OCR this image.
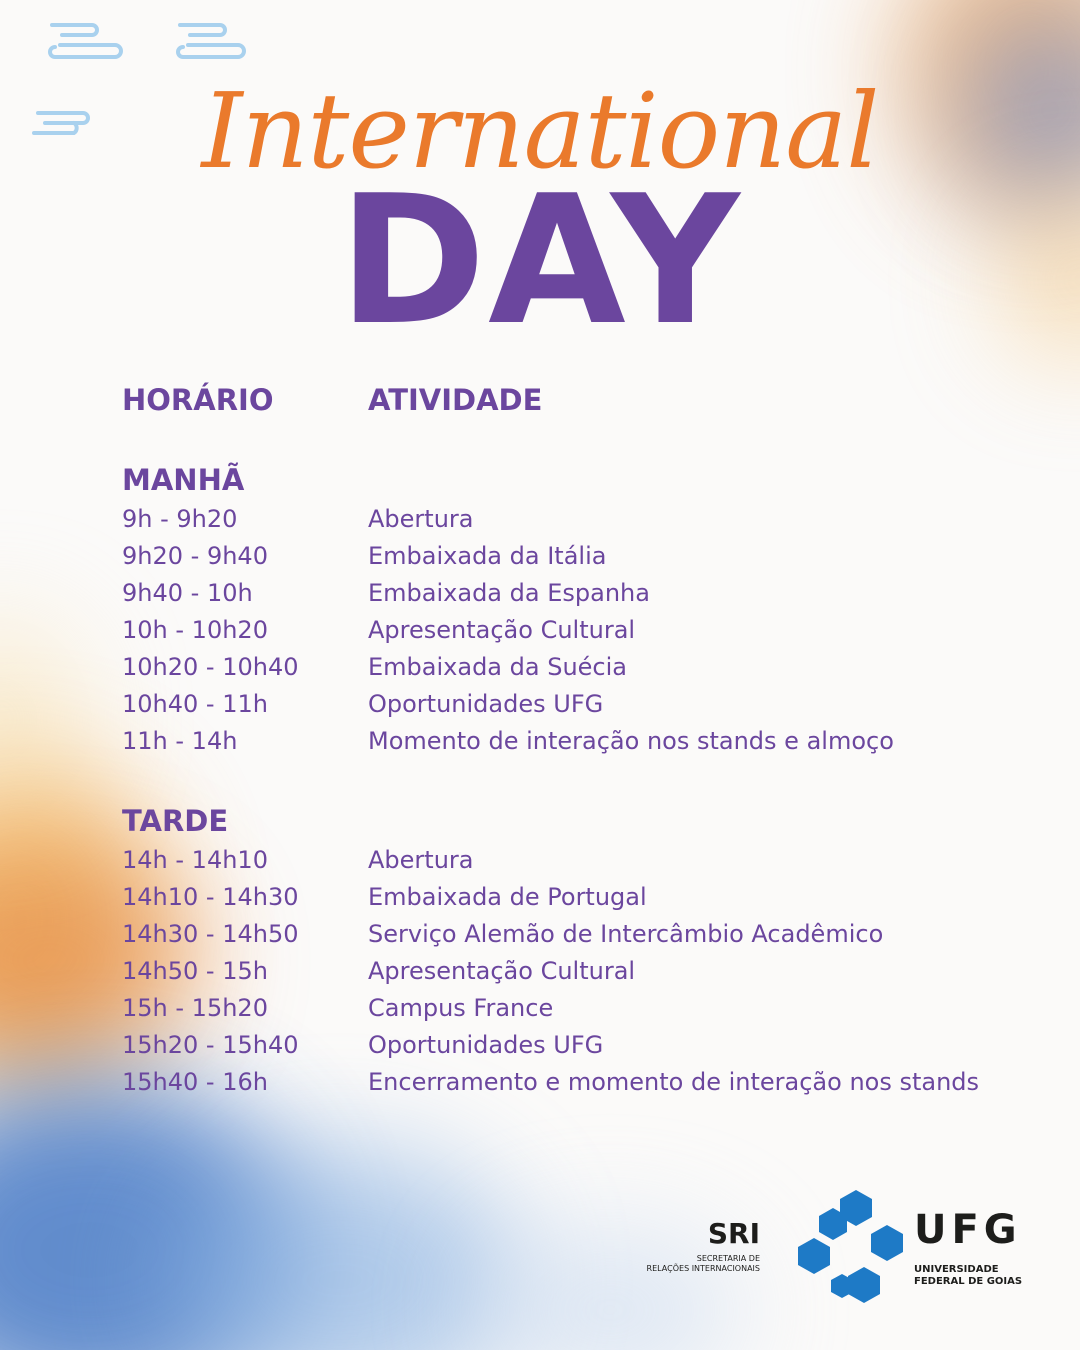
International
DAY
HORÁRIO	ATIVIDADE
MANHÃ
9h - 9h20	Abertura
9h20 - 9h40	Embaixada da Itália
9h40 - 10h	Embaixada da Espanha
10h - 10h20	Apresentação Cultural
10h20 - 10h40	Embaixada da Suécia
10h40 - 11h	Oportunidades UFG
11h - 14h	Momento de interação nos stands e almoço
TARDE
14h - 14h10	Abertura
14h10 - 14h30	Embaixada de Portugal
14h30 - 14h50	Serviço Alemão de Intercâmbio Acadêmico
14h50 - 15h	Apresentação Cultural
15h - 15h20	Campus France
15h20 - 15h40	Oportunidades UFG
15h40 - 16h	Encerramento e momento de interação nos stands
SRI
SECRETARIA DE
RELAÇÕES INTERNACIONAIS
UFG
UNIVERSIDADE
FEDERAL DE GOIAS
